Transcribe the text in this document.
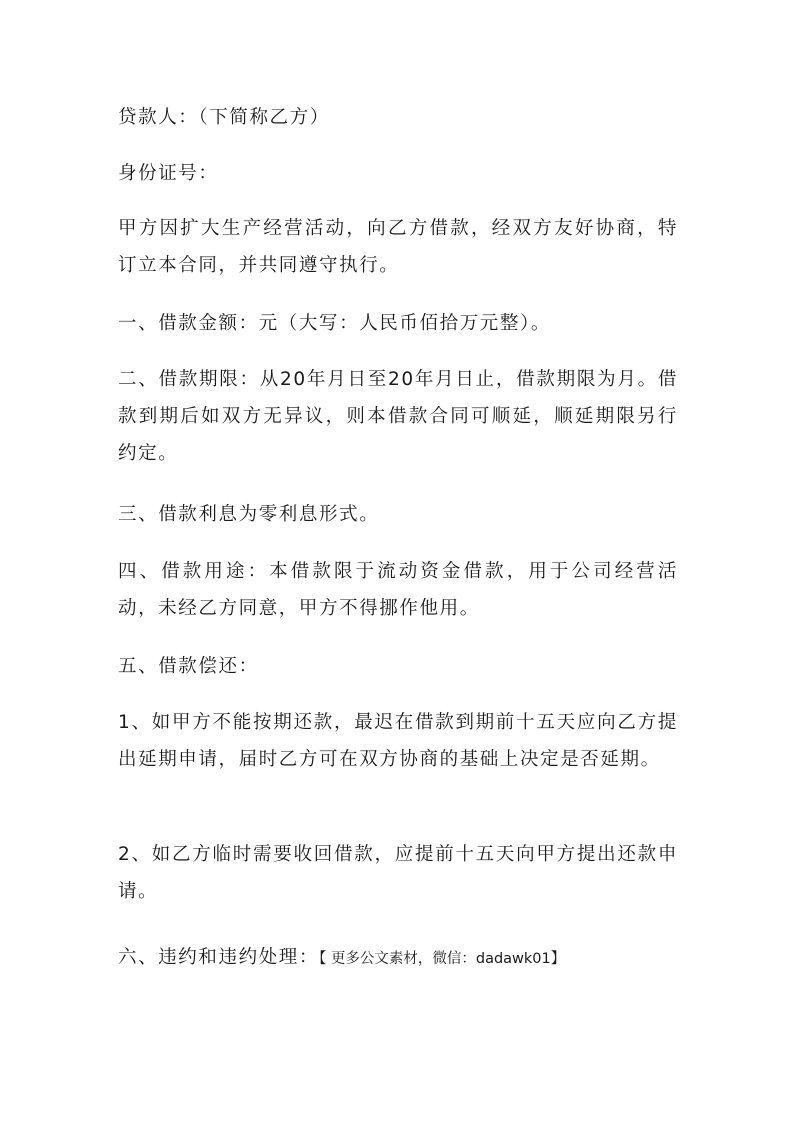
贷款人：（下简称乙方）

身份证号：

甲方因扩大生产经营活动，向乙方借款，经双方友好协商，特订立本合同，并共同遵守执行。

一、借款金额：元（大写：人民币佰拾万元整）。

二、借款期限：从20年月日至20年月日止，借款期限为月。借款到期后如双方无异议，则本借款合同可顺延，顺延期限另行约定。

三、借款利息为零利息形式。

四、借款用途：本借款限于流动资金借款，用于公司经营活动，未经乙方同意，甲方不得挪作他用。

五、借款偿还：

1、如甲方不能按期还款，最迟在借款到期前十五天应向乙方提出延期申请，届时乙方可在双方协商的基础上决定是否延期。

2、如乙方临时需要收回借款，应提前十五天向甲方提出还款申请。

六、违约和违约处理：【 更多公文素材，微信：dadawk01】
